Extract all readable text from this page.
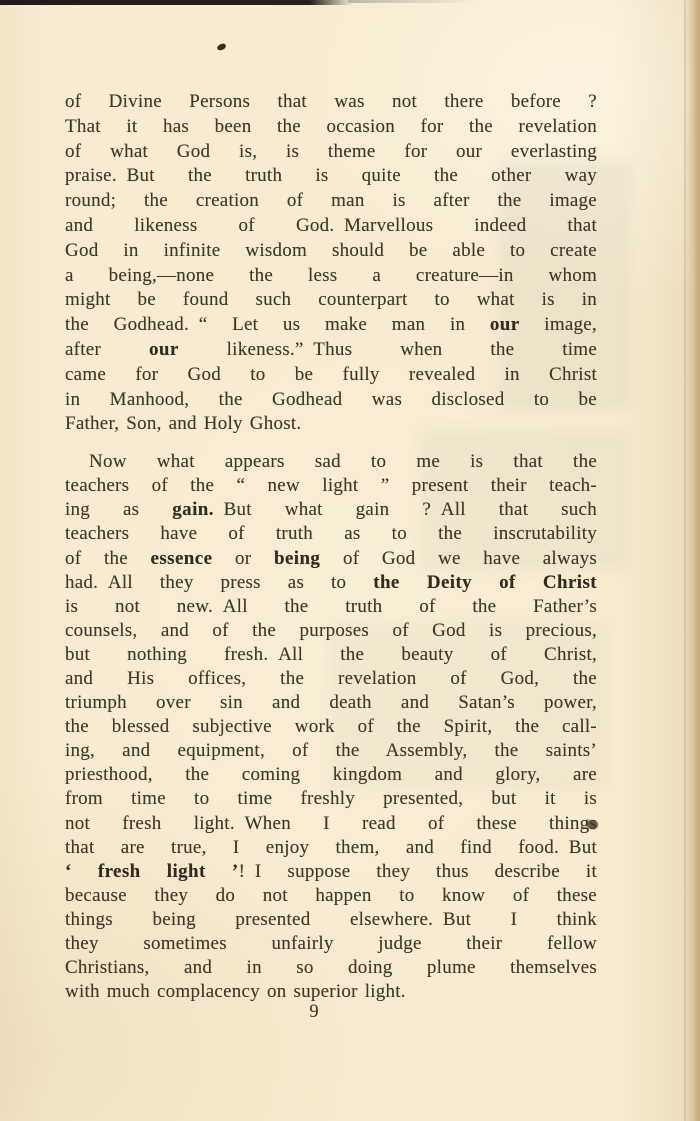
of Divine Persons that was not there before ?
That it has been the occasion for the revelation
of what God is, is theme for our everlasting
praise. But the truth is quite the other way
round; the creation of man is after the image
and likeness of God. Marvellous indeed that
God in infinite wisdom should be able to create
a being,—none the less a creature—in whom
might be found such counterpart to what is in
the Godhead. “ Let us make man in our image,
after our likeness.” Thus when the time
came for God to be fully revealed in Christ
in Manhood, the Godhead was disclosed to be
Father, Son, and Holy Ghost.
Now what appears sad to me is that the
teachers of the “ new light ” present their teach-
ing as gain. But what gain ? All that such
teachers have of truth as to the inscrutability
of the essence or being of God we have always
had. All they press as to the Deity of Christ
is not new. All the truth of the Father’s
counsels, and of the purposes of God is precious,
but nothing fresh. All the beauty of Christ,
and His offices, the revelation of God, the
triumph over sin and death and Satan’s power,
the blessed subjective work of the Spirit, the call-
ing, and equipment, of the Assembly, the saints’
priesthood, the coming kingdom and glory, are
from time to time freshly presented, but it is
not fresh light. When I read of these things
that are true, I enjoy them, and find food. But
‘ fresh light ’! I suppose they thus describe it
because they do not happen to know of these
things being presented elsewhere. But I think
they sometimes unfairly judge their fellow
Christians, and in so doing plume themselves
with much complacency on superior light.
9
